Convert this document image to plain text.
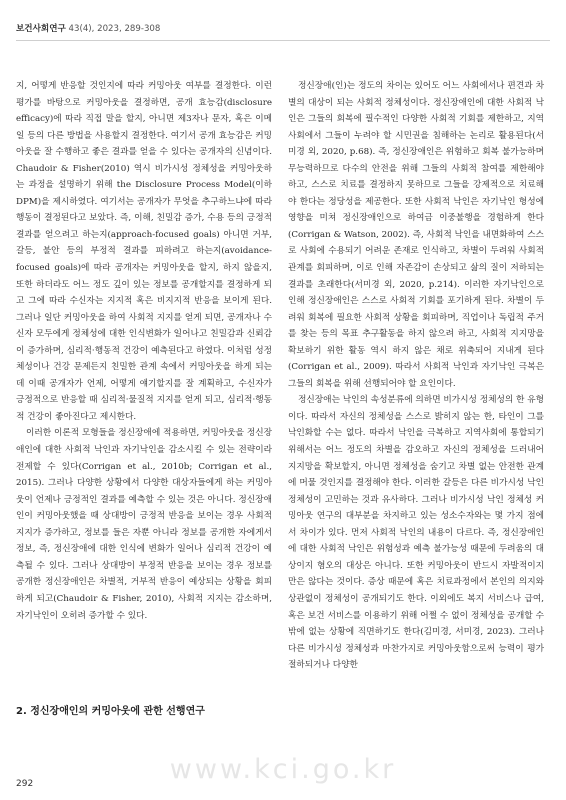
보건사회연구 43(4), 2023, 289-308

지, 어떻게 반응할 것인지에 따라 커밍아웃 여부를 결정한다. 이런 평가를 바탕으로 커밍아웃을 결정하면, 공개 효능감(disclosure efficacy)에 따라 직접 말을 할지, 아니면 제3자나 문자, 혹은 이메일 등의 다른 방법을 사용할지 결정한다. 여기서 공개 효능감은 커밍아웃을 잘 수행하고 좋은 결과를 얻을 수 있다는 공개자의 신념이다. Chaudoir & Fisher(2010) 역시 비가시성 정체성을 커밍아웃하는 과정을 설명하기 위해 the Disclosure Process Model(이하 DPM)을 제시하였다. 여기서는 공개자가 무엇을 추구하느냐에 따라 행동이 결정된다고 보았다. 즉, 이해, 친밀감 증가, 수용 등의 긍정적 결과를 얻으려고 하는지(approach-focused goals) 아니면 거부, 갈등, 불안 등의 부정적 결과를 피하려고 하는지(avoidance-focused goals)에 따라 공개자는 커밍아웃을 할지, 하지 않을지, 또한 하더라도 어느 정도 깊이 있는 정보를 공개할지를 결정하게 되고 그에 따라 수신자는 지지적 혹은 비지지적 반응을 보이게 된다. 그러나 일단 커밍아웃을 하여 사회적 지지를 얻게 되면, 공개자나 수신자 모두에게 정체성에 대한 인식변화가 일어나고 친밀감과 신뢰감이 증가하며, 심리적·행동적 건강이 예측된다고 하였다. 이처럼 성정체성이나 건강 문제든지 친밀한 관계 속에서 커밍아웃을 하게 되는데 이때 공개자가 언제, 어떻게 얘기할지를 잘 계획하고, 수신자가 긍정적으로 반응할 때 심리적·물질적 지지를 얻게 되고, 심리적·행동적 건강이 좋아진다고 제시한다.

이러한 이론적 모형들을 정신장애에 적용하면, 커밍아웃을 정신장애인에 대한 사회적 낙인과 자기낙인을 감소시킬 수 있는 전략이라 전제할 수 있다(Corrigan et al., 2010b; Corrigan et al., 2015). 그러나 다양한 상황에서 다양한 대상자들에게 하는 커밍아웃이 언제나 긍정적인 결과를 예측할 수 있는 것은 아니다. 정신장애인이 커밍아웃했을 때 상대방이 긍정적 반응을 보이는 경우 사회적 지지가 증가하고, 정보를 들은 자뿐 아니라 정보를 공개한 자에게서 정보, 즉, 정신장애에 대한 인식에 변화가 일어나 심리적 건강이 예측될 수 있다. 그러나 상대방이 부정적 반응을 보이는 경우 정보를 공개한 정신장애인은 차별적, 거부적 반응이 예상되는 상황을 회피하게 되고(Chaudoir & Fisher, 2010), 사회적 지지는 감소하며, 자기낙인이 오히려 증가할 수 있다.

2. 정신장애인의 커밍아웃에 관한 선행연구

정신장애(인)는 정도의 차이는 있어도 어느 사회에서나 편견과 차별의 대상이 되는 사회적 정체성이다. 정신장애인에 대한 사회적 낙인은 그들의 회복에 필수적인 다양한 사회적 기회를 제한하고, 지역사회에서 그들이 누려야 할 시민권을 침해하는 논리로 활용된다(서미경 외, 2020, p.68). 즉, 정신장애인은 위험하고 회복 불가능하며 무능력하므로 다수의 안전을 위해 그들의 사회적 참여를 제한해야 하고, 스스로 치료를 결정하지 못하므로 그들을 강제적으로 치료해야 한다는 정당성을 제공한다. 또한 사회적 낙인은 자기낙인 형성에 영향을 미쳐 정신장애인으로 하여금 이중불행을 경험하게 한다(Corrigan & Watson, 2002). 즉, 사회적 낙인을 내면화하여 스스로 사회에 수용되기 어려운 존재로 인식하고, 차별이 두려워 사회적 관계를 회피하며, 이로 인해 자존감이 손상되고 삶의 질이 저하되는 결과를 초래한다(서미경 외, 2020, p.214). 이러한 자기낙인으로 인해 정신장애인은 스스로 사회적 기회를 포기하게 된다. 차별이 두려워 회복에 필요한 사회적 상황을 회피하며, 직업이나 독립적 주거를 찾는 등의 목표 추구활동을 하지 않으려 하고, 사회적 지지망을 확보하기 위한 활동 역시 하지 않은 채로 위축되어 지내게 된다(Corrigan et al., 2009). 따라서 사회적 낙인과 자기낙인 극복은 그들의 회복을 위해 선행되어야 할 요인이다.

정신장애는 낙인의 속성분류에 의하면 비가시성 정체성의 한 유형이다. 따라서 자신의 정체성을 스스로 밝히지 않는 한, 타인이 그를 낙인화할 수는 없다. 따라서 낙인을 극복하고 지역사회에 통합되기 위해서는 어느 정도의 차별을 감오하고 자신의 정체성을 드러내어 지지망을 확보할지, 아니면 정체성을 숨기고 차별 없는 안전한 관계에 머물 것인지를 결정해야 한다. 이러한 갈등은 다른 비가시성 낙인 정체성이 고민하는 것과 유사하다. 그러나 비가시성 낙인 정체성 커밍아웃 연구의 대부분을 차지하고 있는 성소수자와는 몇 가지 점에서 차이가 있다. 먼저 사회적 낙인의 내용이 다르다. 즉, 정신장애인에 대한 사회적 낙인은 위험성과 예측 불가능성 때문에 두려움의 대상이지 혐오의 대상은 아니다. 또한 커밍아웃이 반드시 자발적이지만은 않다는 것이다. 증상 때문에 혹은 치료과정에서 본인의 의지와 상관없이 정체성이 공개되기도 한다. 이외에도 복지 서비스나 급여, 혹은 보건 서비스를 이용하기 위해 어쩔 수 없이 정체성을 공개할 수밖에 없는 상황에 직면하기도 한다(김미경, 서미경, 2023). 그러나 다른 비가시성 정체성과 마찬가지로 커밍아웃함으로써 능력이 평가절하되거나 다양한

www.kci.go.kr
292
